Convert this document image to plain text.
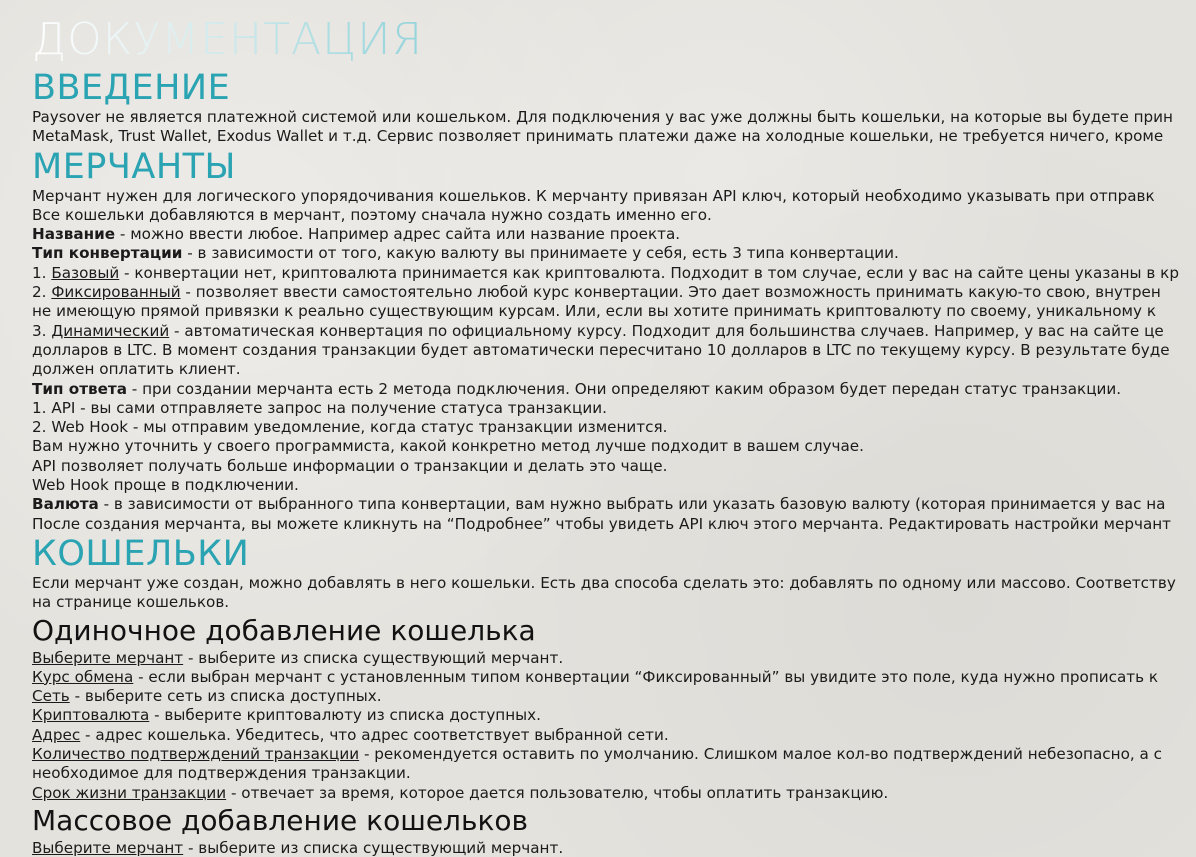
ДОКУМЕНТАЦИЯ
ВВЕДЕНИЕ

Paysover не является платежной системой или кошельком. Для подключения у вас уже должны быть кошельки, на которые вы будете прин

MetaMask, Trust Wallet, Exodus Wallet и т.д. Сервис позволяет принимать платежи даже на холодные кошельки, не требуется ничего, кроме

МЕРЧАНТЫ

Мерчант нужен для логического упорядочивания кошельков. К мерчанту привязан API ключ, который необходимо указывать при отправк

Все кошельки добавляются в мерчант, поэтому сначала нужно создать именно его.

Название - можно ввести любое. Например адрес сайта или название проекта.

Тип конвертации - в зависимости от того, какую валюту вы принимаете у себя, есть 3 типа конвертации.

1. Базовый - конвертации нет, криптовалюта принимается как криптовалюта. Подходит в том случае, если у вас на сайте цены указаны в кр

2. Фиксированный - позволяет ввести самостоятельно любой курс конвертации. Это дает возможность принимать какую-то свою, внутрен

не имеющую прямой привязки к реально существующим курсам. Или, если вы хотите принимать криптовалюту по своему, уникальному к

3. Динамический - автоматическая конвертация по официальному курсу. Подходит для большинства случаев. Например, у вас на сайте це

долларов в LTC. В момент создания транзакции будет автоматически пересчитано 10 долларов в LTC по текущему курсу. В результате буде

должен оплатить клиент.

Тип ответа - при создании мерчанта есть 2 метода подключения. Они определяют каким образом будет передан статус транзакции.

1. API - вы сами отправляете запрос на получение статуса транзакции.

2. Web Hook - мы отправим уведомление, когда статус транзакции изменится.

Вам нужно уточнить у своего программиста, какой конкретно метод лучше подходит в вашем случае.

API позволяет получать больше информации о транзакции и делать это чаще.

Web Hook проще в подключении.

Валюта - в зависимости от выбранного типа конвертации, вам нужно выбрать или указать базовую валюту (которая принимается у вас на

После создания мерчанта, вы можете кликнуть на “Подробнее” чтобы увидеть API ключ этого мерчанта. Редактировать настройки мерчант

КОШЕЛЬКИ

Если мерчант уже создан, можно добавлять в него кошельки. Есть два способа сделать это: добавлять по одному или массово. Соответству

на странице кошельков.

Одиночное добавление кошелька

Выберите мерчант - выберите из списка существующий мерчант.

Курс обмена - если выбран мерчант с установленным типом конвертации “Фиксированный” вы увидите это поле, куда нужно прописать к

Сеть - выберите сеть из списка доступных.

Криптовалюта - выберите криптовалюту из списка доступных.

Адрес - адрес кошелька. Убедитесь, что адрес соответствует выбранной сети.

Количество подтверждений транзакции - рекомендуется оставить по умолчанию. Слишком малое кол-во подтверждений небезопасно, а с

необходимое для подтверждения транзакции.

Срок жизни транзакции - отвечает за время, которое дается пользователю, чтобы оплатить транзакцию.

Массовое добавление кошельков

Выберите мерчант - выберите из списка существующий мерчант.
